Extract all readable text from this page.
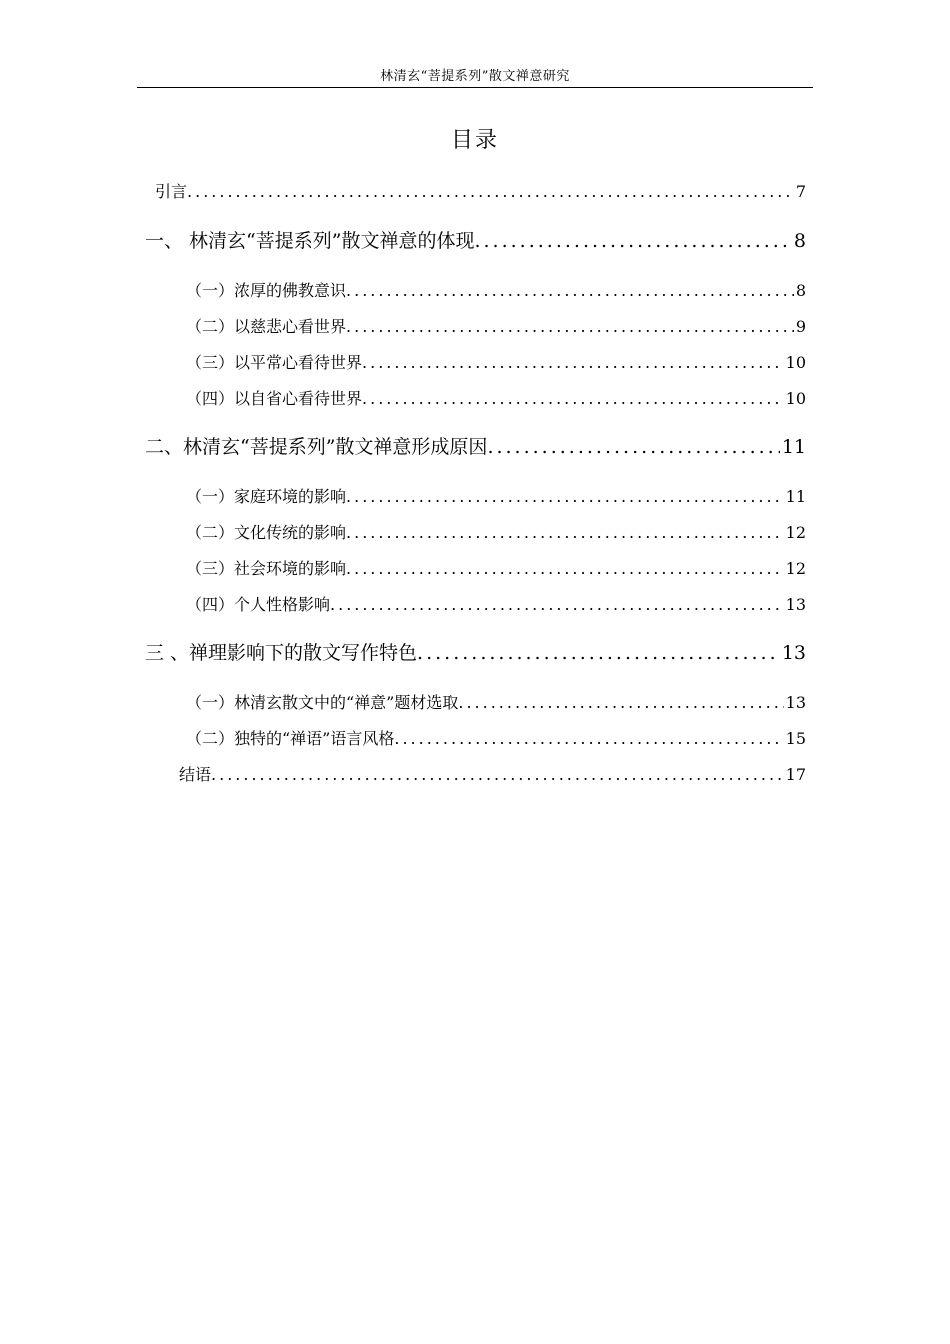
林清玄“菩提系列”散文禅意研究
目录
引言 .....	7
一、 林清玄“菩提系列”散文禅意的体现 .....	8
（一）浓厚的佛教意识 .....	8
（二）以慈悲心看世界 .....	9
（三）以平常心看待世界 .....	10
（四）以自省心看待世界 .....	10
二、林清玄“菩提系列”散文禅意形成原因 .....	11
（一）家庭环境的影响 .....	11
（二）文化传统的影响 .....	12
（三）社会环境的影响 .....	12
（四）个人性格影响 .....	13
三 、禅理影响下的散文写作特色 .....	13
（一）林清玄散文中的“禅意”题材选取 .....	13
（二）独特的“禅语”语言风格 .....	15
结语 .....	17
